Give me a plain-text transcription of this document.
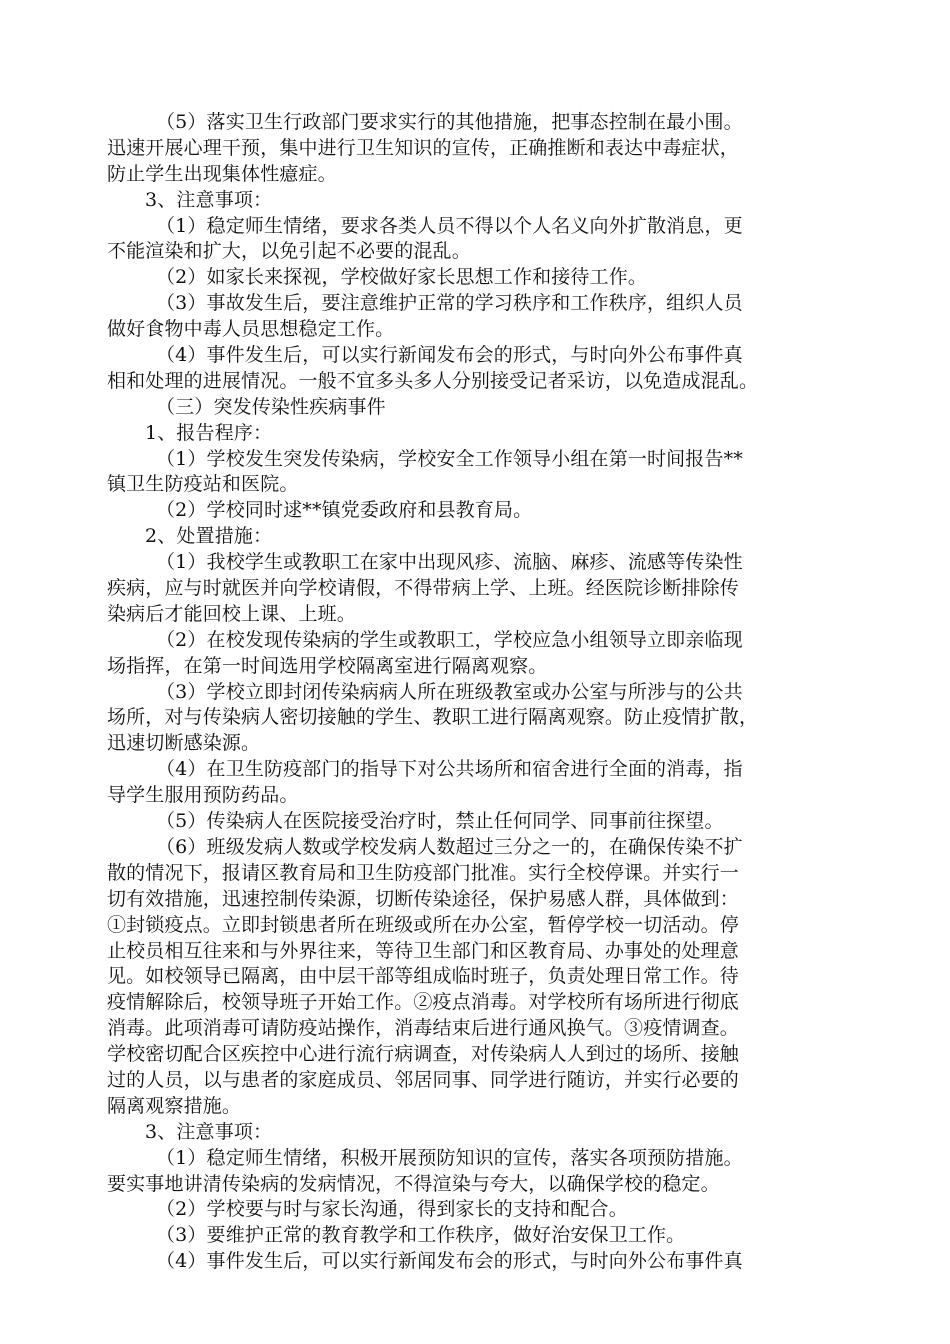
（5）落实卫生行政部门要求实行的其他措施，把事态控制在最小围。
迅速开展心理干预，集中进行卫生知识的宣传，正确推断和表达中毒症状，
防止学生出现集体性癔症。
3、注意事项：
（1）稳定师生情绪，要求各类人员不得以个人名义向外扩散消息，更
不能渲染和扩大，以免引起不必要的混乱。
（2）如家长来探视，学校做好家长思想工作和接待工作。
（3）事故发生后，要注意维护正常的学习秩序和工作秩序，组织人员
做好食物中毒人员思想稳定工作。
（4）事件发生后，可以实行新闻发布会的形式，与时向外公布事件真
相和处理的进展情况。一般不宜多头多人分别接受记者采访，以免造成混乱。
（三）突发传染性疾病事件
1、报告程序：
（1）学校发生突发传染病，学校安全工作领导小组在第一时间报告**
镇卫生防疫站和医院。
（2）学校同时逑**镇党委政府和县教育局。
2、处置措施：
（1）我校学生或教职工在家中出现风疹、流脑、麻疹、流感等传染性
疾病，应与时就医并向学校请假，不得带病上学、上班。经医院诊断排除传
染病后才能回校上课、上班。
（2）在校发现传染病的学生或教职工，学校应急小组领导立即亲临现
场指挥，在第一时间选用学校隔离室进行隔离观察。
（3）学校立即封闭传染病病人所在班级教室或办公室与所涉与的公共
场所，对与传染病人密切接触的学生、教职工进行隔离观察。防止疫情扩散，
迅速切断感染源。
（4）在卫生防疫部门的指导下对公共场所和宿舍进行全面的消毒，指
导学生服用预防药品。
（5）传染病人在医院接受治疗时，禁止任何同学、同事前往探望。
（6）班级发病人数或学校发病人数超过三分之一的，在确保传染不扩
散的情况下，报请区教育局和卫生防疫部门批准。实行全校停课。并实行一
切有效措施，迅速控制传染源，切断传染途径，保护易感人群，具体做到：
①封锁疫点。立即封锁患者所在班级或所在办公室，暂停学校一切活动。停
止校员相互往来和与外界往来，等待卫生部门和区教育局、办事处的处理意
见。如校领导已隔离，由中层干部等组成临时班子，负责处理日常工作。待
疫情解除后，校领导班子开始工作。②疫点消毒。对学校所有场所进行彻底
消毒。此项消毒可请防疫站操作，消毒结束后进行通风换气。③疫情调查。
学校密切配合区疾控中心进行流行病调查，对传染病人人到过的场所、接触
过的人员，以与患者的家庭成员、邻居同事、同学进行随访，并实行必要的
隔离观察措施。
3、注意事项：
（1）稳定师生情绪，积极开展预防知识的宣传，落实各项预防措施。
要实事地讲清传染病的发病情况，不得渲染与夸大，以确保学校的稳定。
（2）学校要与时与家长沟通，得到家长的支持和配合。
（3）要维护正常的教育教学和工作秩序，做好治安保卫工作。
（4）事件发生后，可以实行新闻发布会的形式，与时向外公布事件真
